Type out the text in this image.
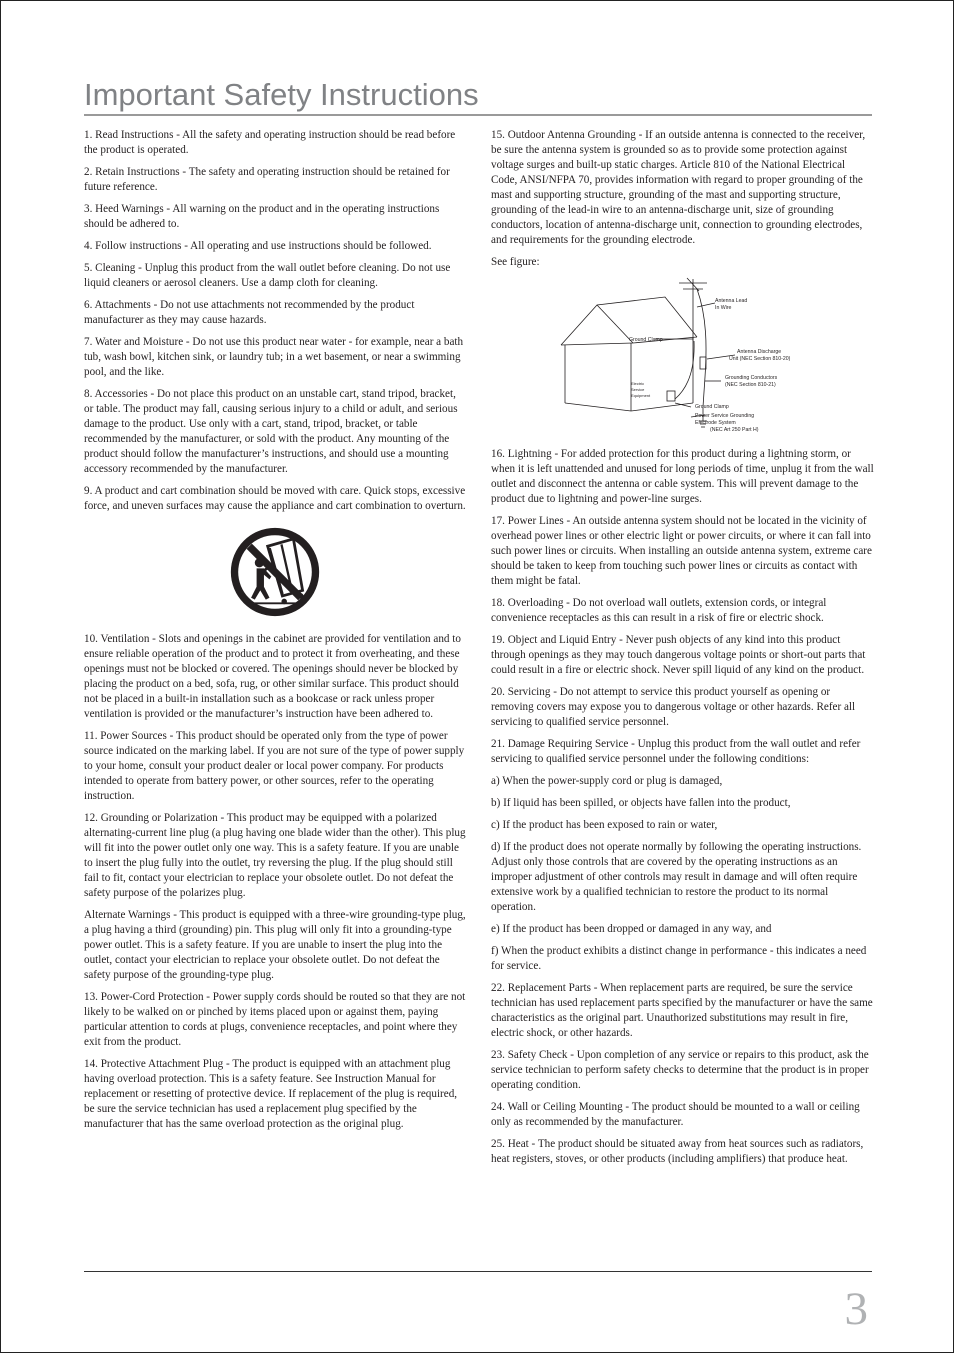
Important Safety Instructions

1. Read Instructions - All the safety and operating instruction should be read before the product is operated.

2. Retain Instructions - The safety and operating instruction should be retained for future reference.

3. Heed Warnings - All warning on the product and in the operating instructions should be adhered to.

4. Follow instructions - All operating and use instructions should be followed.

5. Cleaning - Unplug this product from the wall outlet before cleaning. Do not use liquid cleaners or aerosol cleaners. Use a damp cloth for cleaning.

6. Attachments - Do not use attachments not recommended by the product manufacturer as they may cause hazards.

7. Water and Moisture - Do not use this product near water - for example, near a bath tub, wash bowl, kitchen sink, or laundry tub; in a wet basement, or near a swimming pool, and the like.

8. Accessories - Do not place this product on an unstable cart, stand tripod, bracket, or table. The product may fall, causing serious injury to a child or adult, and serious damage to the product. Use only with a cart, stand, tripod, bracket, or table recommended by the manufacturer, or sold with the product. Any mounting of the product should follow the manufacturer’s instructions, and should use a mounting accessory recommended by the manufacturer.

9. A product and cart combination should be moved with care. Quick stops, excessive force, and uneven surfaces may cause the appliance and cart combination to overturn.

10. Ventilation - Slots and openings in the cabinet are provided for ventilation and to ensure reliable operation of the product and to protect it from overheating, and these openings must not be blocked or covered. The openings should never be blocked by placing the product on a bed, sofa, rug, or other similar surface. This product should not be placed in a built-in installation such as a bookcase or rack unless proper ventilation is provided or the manufacturer’s instruction have been adhered to.

11. Power Sources - This product should be operated only from the type of power source indicated on the marking label. If you are not sure of the type of power supply to your home, consult your product dealer or local power company. For products intended to operate from battery power, or other sources, refer to the operating instruction.

12. Grounding or Polarization - This product may be equipped with a polarized alternating-current line plug (a plug having one blade wider than the other). This plug will fit into the power outlet only one way. This is a safety feature. If you are unable to insert the plug fully into the outlet, try reversing the plug. If the plug should still fail to fit, contact your electrician to replace your obsolete outlet. Do not defeat the safety purpose of the polarizes plug.

Alternate Warnings - This product is equipped with a three-wire grounding-type plug, a plug having a third (grounding) pin. This plug will only fit into a grounding-type power outlet. This is a safety feature. If you are unable to insert the plug into the outlet, contact your electrician to replace your obsolete outlet. Do not defeat the safety purpose of the grounding-type plug.

13. Power-Cord Protection - Power supply cords should be routed so that they are not likely to be walked on or pinched by items placed upon or against them, paying particular attention to cords at plugs, convenience receptacles, and point where they exit from the product.

14. Protective Attachment Plug - The product is equipped with an attachment plug having overload protection. This is a safety feature. See Instruction Manual for replacement or resetting of protective device. If replacement of the plug is required, be sure the service technician has used a replacement plug specified by the manufacturer that has the same overload protection as the original plug.

15. Outdoor Antenna Grounding - If an outside antenna is connected to the receiver, be sure the antenna system is grounded so as to provide some protection against voltage surges and built-up static charges. Article 810 of the National Electrical Code, ANSI/NFPA 70, provides information with regard to proper grounding of the mast and supporting structure, grounding of the mast and supporting structure, grounding of the lead-in wire to an antenna-discharge unit, size of grounding conductors, location of antenna-discharge unit, connection to grounding electrodes, and requirements for the grounding electrode.

See figure:

Antenna Lead
In Wire
Ground Clamp
Antenna Discharge
Unit (NEC Section 810-20)
Grounding Conductors
(NEC Section 810-21)
Electric
Service
Equipment
Ground Clamp
Power Service Grounding
Electrode System
(NEC Art 250 Part H)

16. Lightning - For added protection for this product during a lightning storm, or when it is left unattended and unused for long periods of time, unplug it from the wall outlet and disconnect the antenna or cable system. This will prevent damage to the product due to lightning and power-line surges.

17. Power Lines - An outside antenna system should not be located in the vicinity of overhead power lines or other electric light or power circuits, or where it can fall into such power lines or circuits. When installing an outside antenna system, extreme care should be taken to keep from touching such power lines or circuits as contact with them might be fatal.

18. Overloading - Do not overload wall outlets, extension cords, or integral convenience receptacles as this can result in a risk of fire or electric shock.

19. Object and Liquid Entry - Never push objects of any kind into this product through openings as they may touch dangerous voltage points or short-out parts that could result in a fire or electric shock. Never spill liquid of any kind on the product.

20. Servicing - Do not attempt to service this product yourself as opening or removing covers may expose you to dangerous voltage or other hazards. Refer all servicing to qualified service personnel.

21. Damage Requiring Service - Unplug this product from the wall outlet and refer servicing to qualified service personnel under the following conditions:

a) When the power-supply cord or plug is damaged,

b) If liquid has been spilled, or objects have fallen into the product,

c) If the product has been exposed to rain or water,

d) If the product does not operate normally by following the operating instructions. Adjust only those controls that are covered by the operating instructions as an improper adjustment of other controls may result in damage and will often require extensive work by a qualified technician to restore the product to its normal operation.

e) If the product has been dropped or damaged in any way, and

f) When the product exhibits a distinct change in performance - this indicates a need for service.

22. Replacement Parts - When replacement parts are required, be sure the service technician has used replacement parts specified by the manufacturer or have the same characteristics as the original part. Unauthorized substitutions may result in fire, electric shock, or other hazards.

23. Safety Check - Upon completion of any service or repairs to this product, ask the service technician to perform safety checks to determine that the product is in proper operating condition.

24. Wall or Ceiling Mounting - The product should be mounted to a wall or ceiling only as recommended by the manufacturer.

25. Heat - The product should be situated away from heat sources such as radiators, heat registers, stoves, or other products (including amplifiers) that produce heat.

3
